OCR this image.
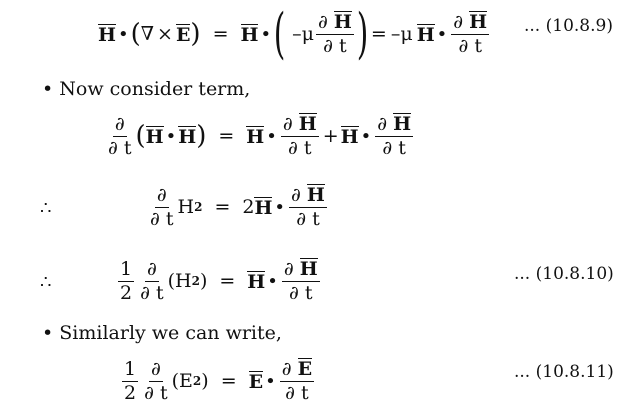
H • ( ∇ × E ) = H • ( $-\mu \frac{\partial H}{\partial t}$ ) = –μ H • $\frac{\partial H}{\partial t}$ ... (10.8.9)
• Now consider term,
$\frac{\partial}{\partial t}$ ( H • H ) = H • $\frac{\partial H}{\partial t} + H$ • $\frac{\partial H}{\partial t}$
∴	$\frac{\partial}{\partial t}$ H 2 = 2 H • $\frac{\partial H}{\partial t}$
∴	$\frac{1}{2} \frac{\partial}{\partial t} (H$ 2 ) = H • $\frac{\partial H}{\partial t}$	... (10.8.10)
• Similarly we can write,
$\frac{1}{2} \frac{\partial}{\partial t} (E$ 2 ) = E • $\frac{\partial E}{\partial t}$	... (10.8.11)
